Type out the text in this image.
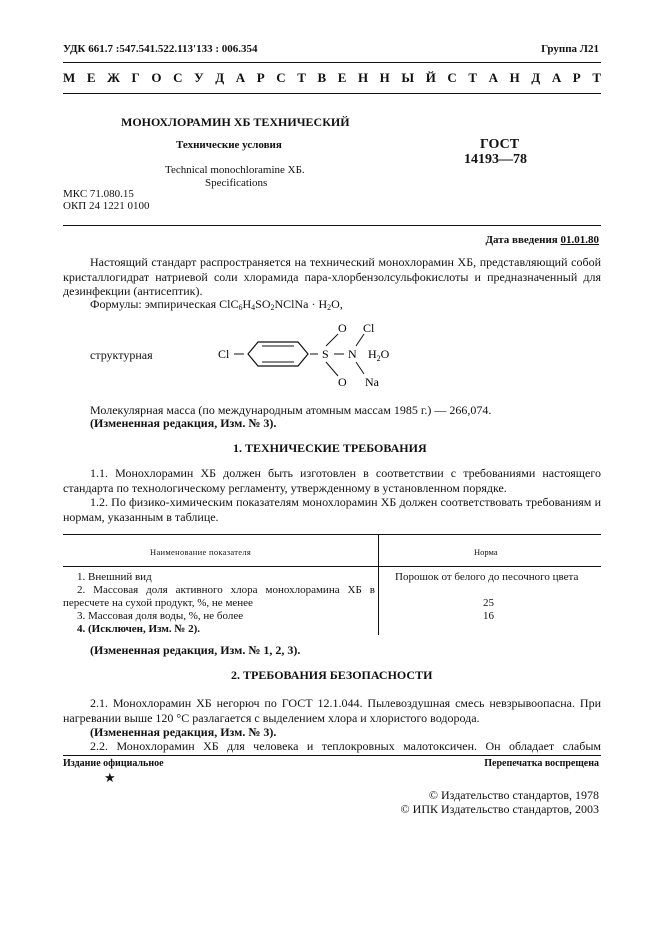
УДК 661.7 :547.541.522.113'133 : 006.354	Группа Л21
М Е Ж Г О С У Д А Р С Т В Е Н Н Ы Й С Т А Н Д А Р Т
МОНОХЛОРАМИН ХБ ТЕХНИЧЕСКИЙ
Технические условия
Technical monochloramine ХБ.
Specifications
ГОСТ
14193—78
МКС 71.080.15
ОКП 24 1221 0100
Дата введения 01.01.80
Настоящий стандарт распространяется на технический монохлорамин ХБ, представляющий собой кристаллогидрат натриевой соли хлорамида пара-хлорбензолсульфокислоты и предназначенный для дезинфекции (антисептик).
Формулы: эмпирическая $ClC_6H_4SO_2NClNa \cdot H_2O$,
структурная	Cl	S
O
O
N
Cl
$H_2O$
Na
Молекулярная масса (по международным атомным массам 1985 г.) — 266,074.
(Измененная редакция, Изм. № 3).
1. ТЕХНИЧЕСКИЕ ТРЕБОВАНИЯ
1.1. Монохлорамин ХБ должен быть изготовлен в соответствии с требованиями настоящего стандарта по технологическому регламенту, утвержденному в установленном порядке.
1.2. По физико-химическим показателям монохлорамин ХБ должен соответствовать требованиям и нормам, указанным в таблице.
Наименование показателя	Норма
1. Внешний вид	Порошок от белого до песочного цвета
2. Массовая доля активного хлора монохлорамина ХБ в пересчете на сухой продукт, %, не менее	25
3. Массовая доля воды, %, не более	16
4. (Исключен, Изм. № 2).
(Измененная редакция, Изм. № 1, 2, 3).
2. ТРЕБОВАНИЯ БЕЗОПАСНОСТИ
2.1. Монохлорамин ХБ негорюч по ГОСТ 12.1.044. Пылевоздушная смесь невзрывоопасна. При нагревании выше 120 °С разлагается с выделением хлора и хлористого водорода.
(Измененная редакция, Изм. № 3).
2.2. Монохлорамин ХБ для человека и теплокровных малотоксичен. Он обладает слабым
Издание официальное	Перепечатка воспрещена
★
© Издательство стандартов, 1978
© ИПК Издательство стандартов, 2003
